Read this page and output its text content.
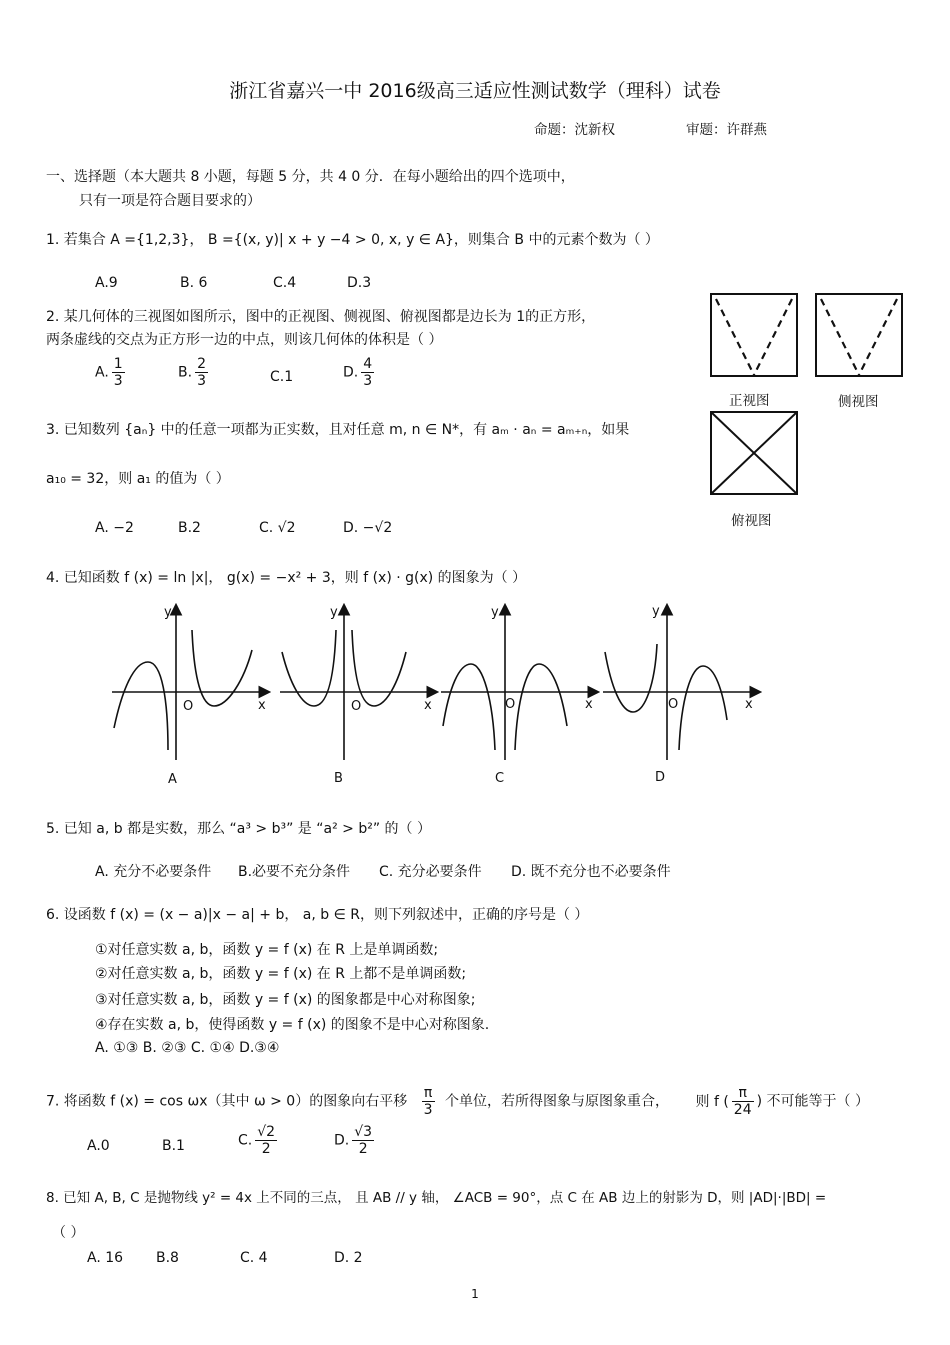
浙江省嘉兴一中 2016级高三适应性测试数学（理科）试卷
命题：沈新权	审题：许群燕
一、选择题（本大题共 8 小题，每题 5 分，共 4 0 分．在每小题给出的四个选项中，
只有一项是符合题目要求的）
1. 若集合 A ={1,2,3}， B ={(x, y)| x + y −4 > 0, x, y ∈ A}，则集合 B 中的元素个数为（ ）
A.9	B. 6	C.4	D.3
2. 某几何体的三视图如图所示，图中的正视图、侧视图、俯视图都是边长为 1的正方形，
两条虚线的交点为正方形一边的中点，则该几何体的体积是（ ）
A. $\frac{1}{3}$	B. $\frac{2}{3}$	C.1	D. $\frac{4}{3}$
正视图	侧视图
俯视图
3. 已知数列 {aₙ} 中的任意一项都为正实数，且对任意 m, n ∈ N*，有 aₘ · aₙ = aₘ₊ₙ，如果
a₁₀ = 32，则 a₁ 的值为（ ）
A. −2	B.2	C. √2	D. −√2
4. 已知函数 f (x) = ln |x|， g(x) = −x² + 3，则 f (x) · g(x) 的图象为（ ）
y
O	x
A
y
O	x
B
y
O	x
C
y
O	x
D
5. 已知 a, b 都是实数，那么 “a³ > b³” 是 “a² > b²” 的（ ）
A. 充分不必要条件 B.必要不充分条件 C. 充分必要条件 D. 既不充分也不必要条件
6. 设函数 f (x) = (x − a)|x − a| + b， a, b ∈ R，则下列叙述中，正确的序号是（ ）
①对任意实数 a, b，函数 y = f (x) 在 R 上是单调函数;
②对任意实数 a, b，函数 y = f (x) 在 R 上都不是单调函数;
③对任意实数 a, b，函数 y = f (x) 的图象都是中心对称图象;
④存在实数 a, b，使得函数 y = f (x) 的图象不是中心对称图象.
A. ①③ B. ②③ C. ①④ D.③④
7. 将函数 f (x) = cos ωx（其中 ω > 0）的图象向右平移 $\frac{\pi}{3}$ 个单位，若所得图象与原图象重合， 则 f ( $\frac{\pi}{24}$ ) 不可能等于（ ）
A.0	B.1	C. $\frac{√2}{2}$	D. $\frac{√3}{2}$
8. 已知 A, B, C 是抛物线 y² = 4x 上不同的三点， 且 AB // y 轴， ∠ACB = 90°，点 C 在 AB 边上的射影为 D，则 |AD|·|BD| =
（ ）
A. 16 B.8	C. 4	D. 2
1
